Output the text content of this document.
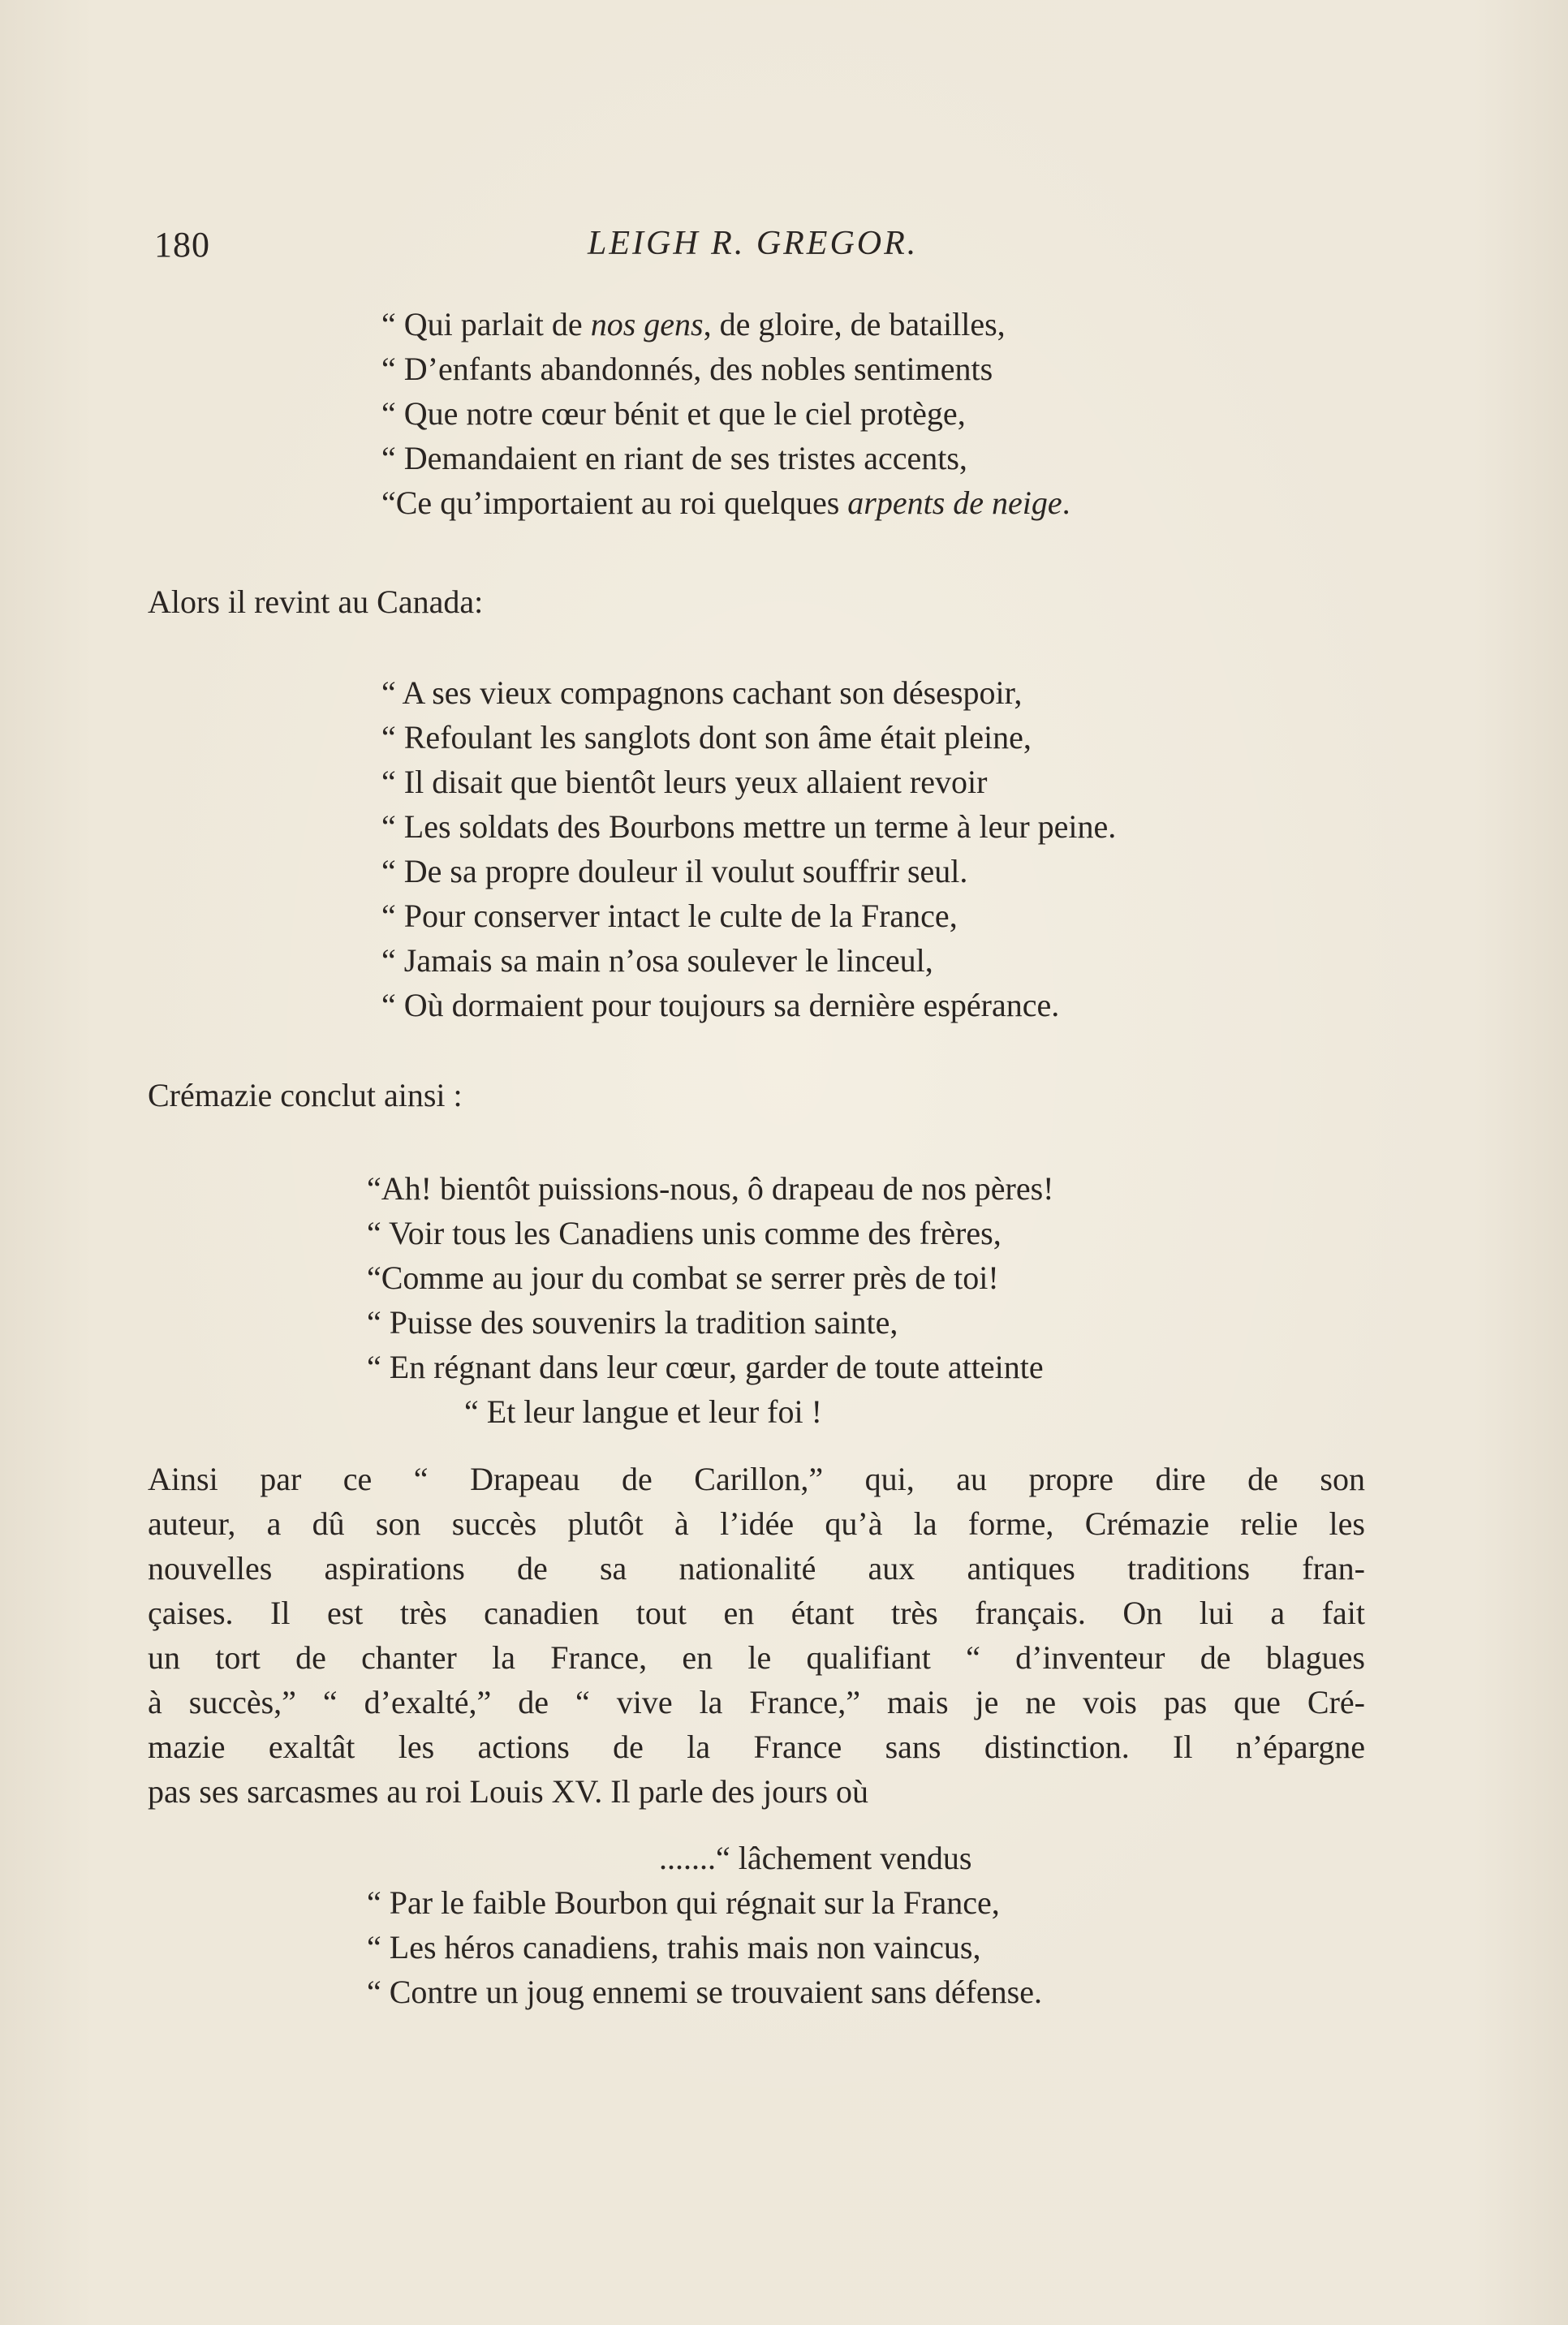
180	LEIGH R. GREGOR.
“ Qui parlait de nos gens, de gloire, de batailles,
“ D’enfants abandonnés, des nobles sentiments
“ Que notre cœur bénit et que le ciel protège,
“ Demandaient en riant de ses tristes accents,
“Ce qu’importaient au roi quelques arpents de neige.
Alors il revint au Canada:
“ A ses vieux compagnons cachant son désespoir,
“ Refoulant les sanglots dont son âme était pleine,
“ Il disait que bientôt leurs yeux allaient revoir
“ Les soldats des Bourbons mettre un terme à leur peine.
“ De sa propre douleur il voulut souffrir seul.
“ Pour conserver intact le culte de la France,
“ Jamais sa main n’osa soulever le linceul,
“ Où dormaient pour toujours sa dernière espérance.
Crémazie conclut ainsi :
“Ah! bientôt puissions-nous, ô drapeau de nos pères!
“ Voir tous les Canadiens unis comme des frères,
“Comme au jour du combat se serrer près de toi!
“ Puisse des souvenirs la tradition sainte,
“ En régnant dans leur cœur, garder de toute atteinte
“ Et leur langue et leur foi !
Ainsi par ce “ Drapeau de Carillon,” qui, au propre dire de son
auteur, a dû son succès plutôt à l’idée qu’à la forme, Crémazie relie les
nouvelles aspirations de sa nationalité aux antiques traditions fran-
çaises. Il est très canadien tout en étant très français. On lui a fait
un tort de chanter la France, en le qualifiant “ d’inventeur de blagues
à succès,” “ d’exalté,” de “ vive la France,” mais je ne vois pas que Cré-
mazie exaltât les actions de la France sans distinction. Il n’épargne
pas ses sarcasmes au roi Louis XV. Il parle des jours où
.......“ lâchement vendus
“ Par le faible Bourbon qui régnait sur la France,
“ Les héros canadiens, trahis mais non vaincus,
“ Contre un joug ennemi se trouvaient sans défense.
